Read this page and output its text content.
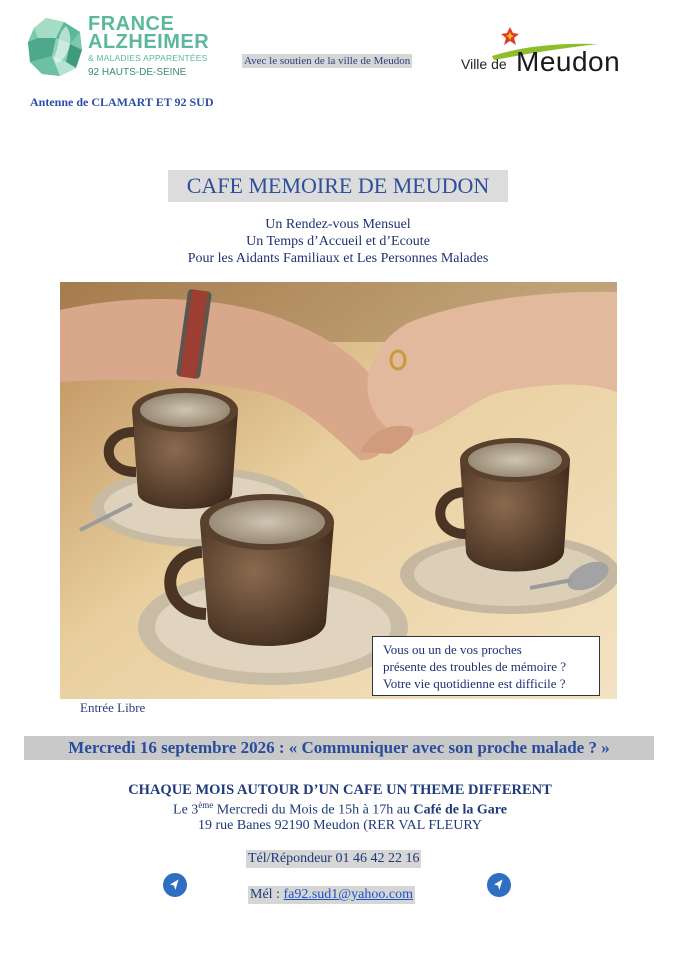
FRANCE
ALZHEIMER
& MALADIES APPARENTÉES
92 HAUTS-DE-SEINE
Antenne de CLAMART ET 92 SUD
Avec le soutien de la ville de Meudon	Ville de Meudon
CAFE MEMOIRE DE MEUDON
Un Rendez-vous Mensuel
Un Temps d’Accueil et d’Ecoute
Pour les Aidants Familiaux et Les Personnes Malades
Vous ou un de vos proches
présente des troubles de mémoire ?
Votre vie quotidienne est difficile ?
Entrée Libre
Mercredi 16 septembre 2026 : « Communiquer avec son proche malade ? »
CHAQUE MOIS AUTOUR D’UN CAFE UN THEME DIFFERENT
Le 3ème Mercredi du Mois de 15h à 17h au Café de la Gare
19 rue Banes 92190 Meudon (RER VAL FLEURY
Tél/Répondeur 01 46 42 22 16
Mél : fa92.sud1@yahoo.com
